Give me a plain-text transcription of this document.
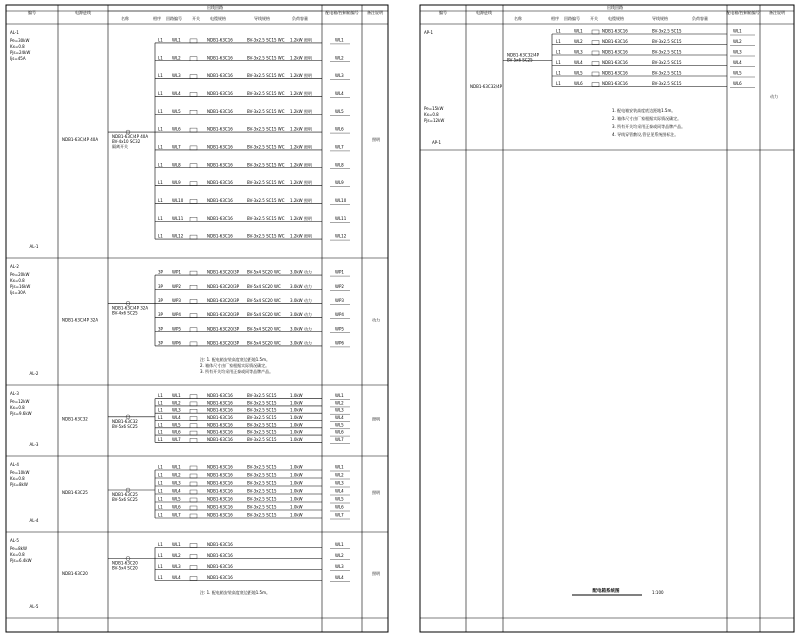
编号	电源进线
出线回路
名称	相序 回路编号	开关	电缆规格	导线规格	负荷容量
配电箱/控制箱编号 备注说明
AL-1
Pe=30kW
Kx=0.8
Pjs=24kW
Ijs=45A
AL-1
NDB1-63C/4P 40A
NDB1-63C/4P 40A
BV-4x10 SC32
隔离开关
L1 WL1	NDB1-63C16	BV-3x2.5 SC15 WC 1.2kW 照明	WL1
L1 WL2	NDB1-63C16	BV-3x2.5 SC15 WC 1.2kW 照明	WL2
L1 WL3	NDB1-63C16	BV-3x2.5 SC15 WC 1.2kW 照明	WL3
L1 WL4	NDB1-63C16	BV-3x2.5 SC15 WC 1.2kW 照明	WL4
L1 WL5	NDB1-63C16	BV-3x2.5 SC15 WC 1.2kW 照明	WL5
L1 WL6	NDB1-63C16	BV-3x2.5 SC15 WC 1.2kW 照明	WL6
L1 WL7	NDB1-63C16	BV-3x2.5 SC15 WC 1.2kW 照明	WL7
L1 WL8	NDB1-63C16	BV-3x2.5 SC15 WC 1.2kW 照明	WL8
L1 WL9	NDB1-63C16	BV-3x2.5 SC15 WC 1.2kW 照明	WL9
L1 WL10	NDB1-63C16	BV-3x2.5 SC15 WC 1.2kW 照明	WL10
L1 WL11	NDB1-63C16	BV-3x2.5 SC15 WC 1.2kW 照明	WL11
L1 WL12	NDB1-63C16	BV-3x2.5 SC15 WC 1.2kW 照明	WL12
照明
AL-2
Pe=20kW
Kx=0.8
Pjs=16kW
Ijs=30A
AL-2
NDB1-63C/4P 32A
NDB1-63C/4P 32A
BV-4x6 SC25
3P WP1	NDB1-63C20/3P BV-5x4 SC20 WC 3.0kW 动力	WP1
3P WP2	NDB1-63C20/3P BV-5x4 SC20 WC 3.0kW 动力	WP2
3P WP3	NDB1-63C20/3P BV-5x4 SC20 WC 3.0kW 动力	WP3
3P WP4	NDB1-63C20/3P BV-5x4 SC20 WC 3.0kW 动力	WP4
3P WP5	NDB1-63C20/3P BV-5x4 SC20 WC 3.0kW 动力	WP5
3P WP6	NDB1-63C20/3P BV-5x4 SC20 WC 3.0kW 动力	WP6
注: 1. 配电箱安装高度底边距地1.5m。
2. 箱体尺寸由厂家根据实际情况确定。
3. 所有开关均采用正泰或同等品牌产品。
动力
AL-3
Pe=12kW
Kx=0.8
Pjs=9.6kW
AL-3
NDB1-63C32	NDB1-63C32
BV-5x6 SC25
L1 WL1	NDB1-63C16	BV-3x2.5 SC15	1.0kW	WL1
L1 WL2	NDB1-63C16	BV-3x2.5 SC15	1.0kW	WL2
L1 WL3	NDB1-63C16	BV-3x2.5 SC15	1.0kW	WL3
L1 WL4	NDB1-63C16	BV-3x2.5 SC15	1.0kW	WL4
L1 WL5	NDB1-63C16	BV-3x2.5 SC15	1.0kW	WL5
L1 WL6	NDB1-63C16	BV-3x2.5 SC15	1.0kW	WL6
L1 WL7	NDB1-63C16	BV-3x2.5 SC15	1.0kW	WL7
照明
AL-4
Pe=10kW
Kx=0.8
Pjs=8kW
AL-4
NDB1-63C25	NDB1-63C25
BV-5x6 SC25
L1 WL1	NDB1-63C16	BV-3x2.5 SC15	1.0kW	WL1
L1 WL2	NDB1-63C16	BV-3x2.5 SC15	1.0kW	WL2
L1 WL3	NDB1-63C16	BV-3x2.5 SC15	1.0kW	WL3
L1 WL4	NDB1-63C16	BV-3x2.5 SC15	1.0kW	WL4
L1 WL5	NDB1-63C16	BV-3x2.5 SC15	1.0kW	WL5
L1 WL6	NDB1-63C16	BV-3x2.5 SC15	1.0kW	WL6
L1 WL7	NDB1-63C16	BV-3x2.5 SC15	1.0kW	WL7
照明
AL-5
Pe=8kW
Kx=0.8
Pjs=6.4kW
AL-5
NDB1-63C20
NDB1-63C20
BV-5x4 SC20
L1 WL1	NDB1-63C16	WL1
L1 WL2	NDB1-63C16	WL2
L1 WL3	NDB1-63C16	WL3
L1 WL4	NDB1-63C16	WL4
注: 1. 配电箱安装高度底边距地1.5m。
照明
编号	电源进线
出线回路
名称	相序 回路编号	开关	电缆规格	导线规格	负荷容量
配电箱/控制箱编号 备注说明
AP-1
Pe=15kW
Kx=0.8
Pjs=12kW
AP-1
NDB1-63C32/4P
NDB1-63C32/4P
BV-5x6 SC25
L1	WL1	NDB1-63C16	BV-3x2.5 SC15	WL1
L1	WL2	NDB1-63C16	BV-3x2.5 SC15	WL2
L1	WL3	NDB1-63C16	BV-3x2.5 SC15	WL3
L1	WL4	NDB1-63C16	BV-3x2.5 SC15	WL4
L1	WL5	NDB1-63C16	BV-3x2.5 SC15	WL5
L1	WL6	NDB1-63C16	BV-3x2.5 SC15	WL6
1. 配电箱安装高度底边距地1.5m。
2. 箱体尺寸由厂家根据实际情况确定。
3. 所有开关均采用正泰或同等品牌产品。
4. 导线穿管敷设,管径见系统图标注。
动力
配电箱系统图	1:100
